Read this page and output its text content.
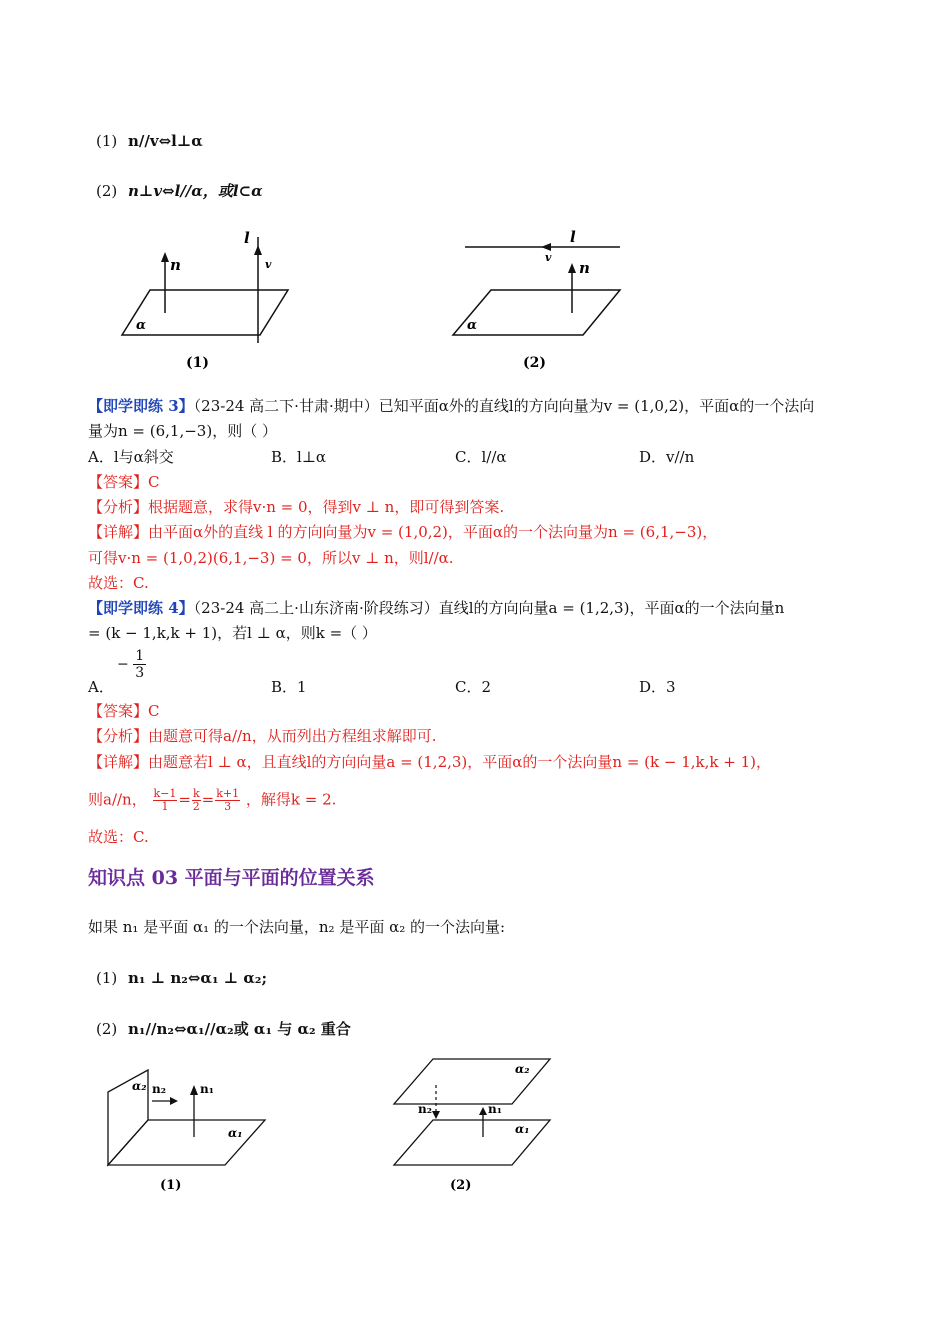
(1) n//v⇔l⊥α
(2) n⊥v⇔l//α，或l⊂α
n	v
l
α
(1)
n
v
l
α
(2)
【即学即练 3】（23-24 高二下·甘肃·期中）已知平面α外的直线l的方向向量为v = (1,0,2)，平面α的一个法向
量为n = (6,1,−3)，则（ ）
A．l与α斜交	B．l⊥α	C．l//α	D．v//n
【答案】C
【分析】根据题意，求得v·n = 0，得到v ⊥ n，即可得到答案.
【详解】由平面α外的直线 l 的方向向量为v = (1,0,2)，平面α的一个法向量为n = (6,1,−3)，
可得v·n = (1,0,2)(6,1,−3) = 0，所以v ⊥ n，则l//α.
故选：C.
【即学即练 4】（23-24 高二上·山东济南·阶段练习）直线l的方向向量a = (1,2,3)，平面α的一个法向量n
= (k − 1,k,k + 1)，若l ⊥ α，则k =（ ）
A．
− $\frac{1}{3}$
B．1	C．2	D．3
【答案】C
【分析】由题意可得a//n，从而列出方程组求解即可.
【详解】由题意若l ⊥ α，且直线l的方向向量a = (1,2,3)，平面α的一个法向量n = (k − 1,k,k + 1)，
则a//n， $\frac{k-1}{1} = \frac{k}{2} = \frac{k+1}{3}$ ，解得k = 2.
故选：C.
知识点 03 平面与平面的位置关系
如果 n₁ 是平面 α₁ 的一个法向量，n₂ 是平面 α₂ 的一个法向量:
(1) n₁ ⊥ n₂⇔α₁ ⊥ α₂;
(2) n₁//n₂⇔α₁//α₂或 α₁ 与 α₂ 重合
α₂ n₂	n₁
α₁
(1)
α₂
n₂	n₁
α₁
(2)
